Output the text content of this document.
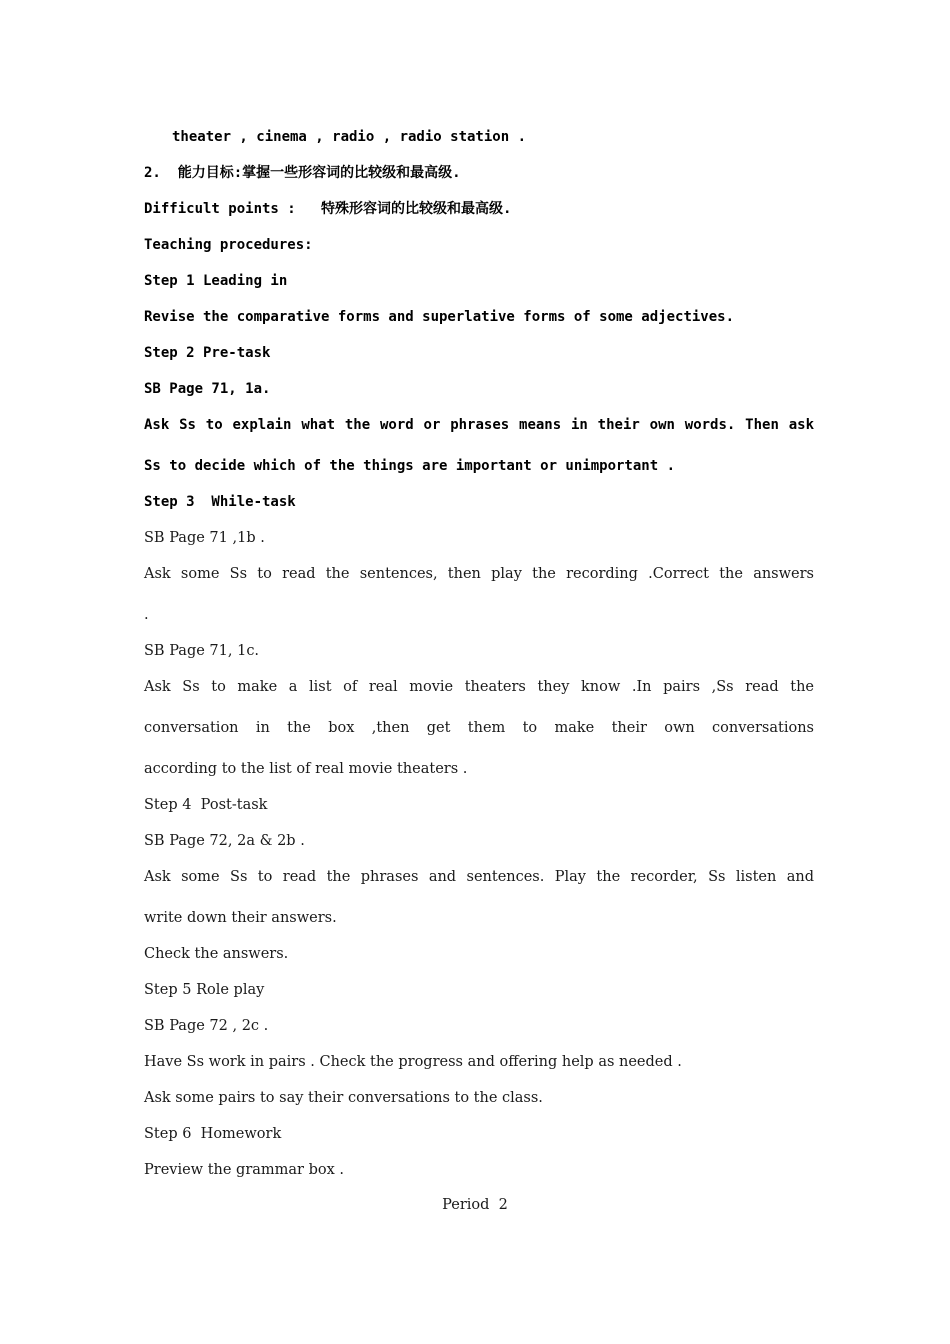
theater , cinema , radio , radio station .
2.  能力目标:掌握一些形容词的比较级和最高级.
Difficult points :   特殊形容词的比较级和最高级.
Teaching procedures:
Step 1 Leading in
Revise the comparative forms and superlative forms of some adjectives.
Step 2 Pre-task
SB Page 71, 1a.
Ask Ss to explain what the word or phrases means in their own words. Then ask
Ss to decide which of the things are important or unimportant .
Step 3  While-task
SB Page 71 ,1b .
Ask some Ss to read the sentences, then play the recording .Correct the answers
.
SB Page 71, 1c.
Ask Ss to make a list of real movie theaters they know .In pairs ,Ss read the
conversation in the box ,then get them to make their own conversations
according to the list of real movie theaters .
Step 4  Post-task
SB Page 72, 2a & 2b .
Ask some Ss to read the phrases and sentences. Play the recorder, Ss listen and
write down their answers.
Check the answers.
Step 5 Role play
SB Page 72 , 2c .
Have Ss work in pairs . Check the progress and offering help as needed .
Ask some pairs to say their conversations to the class.
Step 6  Homework
Preview the grammar box .
Period  2
